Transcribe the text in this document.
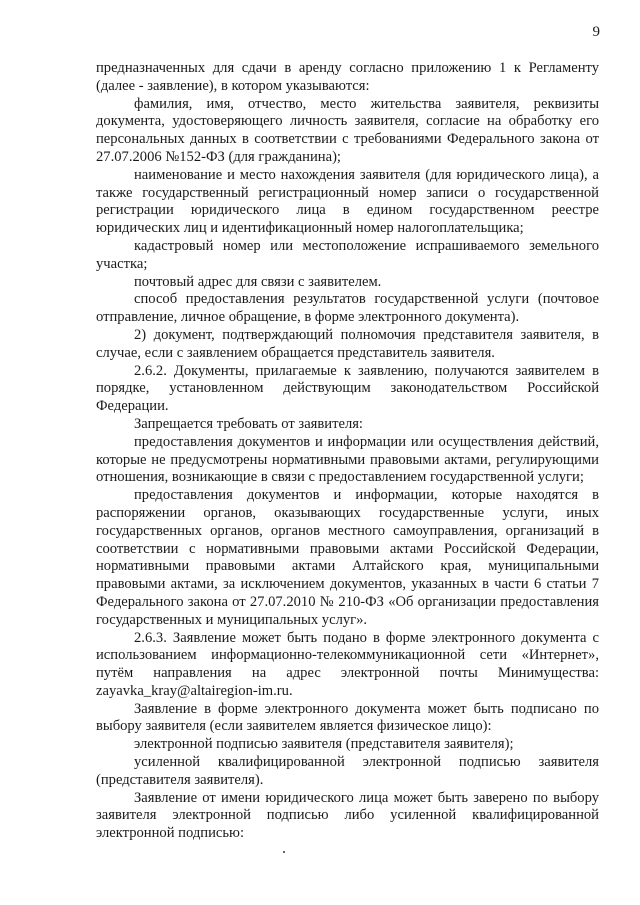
9

предназначенных для сдачи в аренду согласно приложению 1 к Регламенту (далее - заявление), в котором указываются:

фамилия, имя, отчество, место жительства заявителя, реквизиты документа, удостоверяющего личность заявителя, согласие на обработку его персональных данных в соответствии с требованиями Федерального закона от 27.07.2006 №152-ФЗ (для гражданина);

наименование и место нахождения заявителя (для юридического лица), а также государственный регистрационный номер записи о государственной регистрации юридического лица в едином государственном реестре юридических лиц и идентификационный номер налогоплательщика;

кадастровый номер или местоположение испрашиваемого земельного участка;

почтовый адрес для связи с заявителем.

способ предоставления результатов государственной услуги (почтовое отправление, личное обращение, в форме электронного документа).

2) документ, подтверждающий полномочия представителя заявителя, в случае, если с заявлением обращается представитель заявителя.

2.6.2. Документы, прилагаемые к заявлению, получаются заявителем в порядке, установленном действующим законодательством Российской Федерации.

Запрещается требовать от заявителя:

предоставления документов и информации или осуществления действий, которые не предусмотрены нормативными правовыми актами, регулирующими отношения, возникающие в связи с предоставлением государственной услуги;

предоставления документов и информации, которые находятся в распоряжении органов, оказывающих государственные услуги, иных государственных органов, органов местного самоуправления, организаций в соответствии с нормативными правовыми актами Российской Федерации, нормативными правовыми актами Алтайского края, муниципальными правовыми актами, за исключением документов, указанных в части 6 статьи 7 Федерального закона от 27.07.2010 № 210-ФЗ «Об организации предоставления государственных и муниципальных услуг».

2.6.3. Заявление может быть подано в форме электронного документа с использованием информационно-телекоммуникационной сети «Интернет», путём направления на адрес электронной почты Минимущества: zayavka_kray@altairegion-im.ru.

Заявление в форме электронного документа может быть подписано по выбору заявителя (если заявителем является физическое лицо):

электронной подписью заявителя (представителя заявителя);

усиленной квалифицированной электронной подписью заявителя (представителя заявителя).

Заявление от имени юридического лица может быть заверено по выбору заявителя электронной подписью либо усиленной квалифицированной электронной подписью:
